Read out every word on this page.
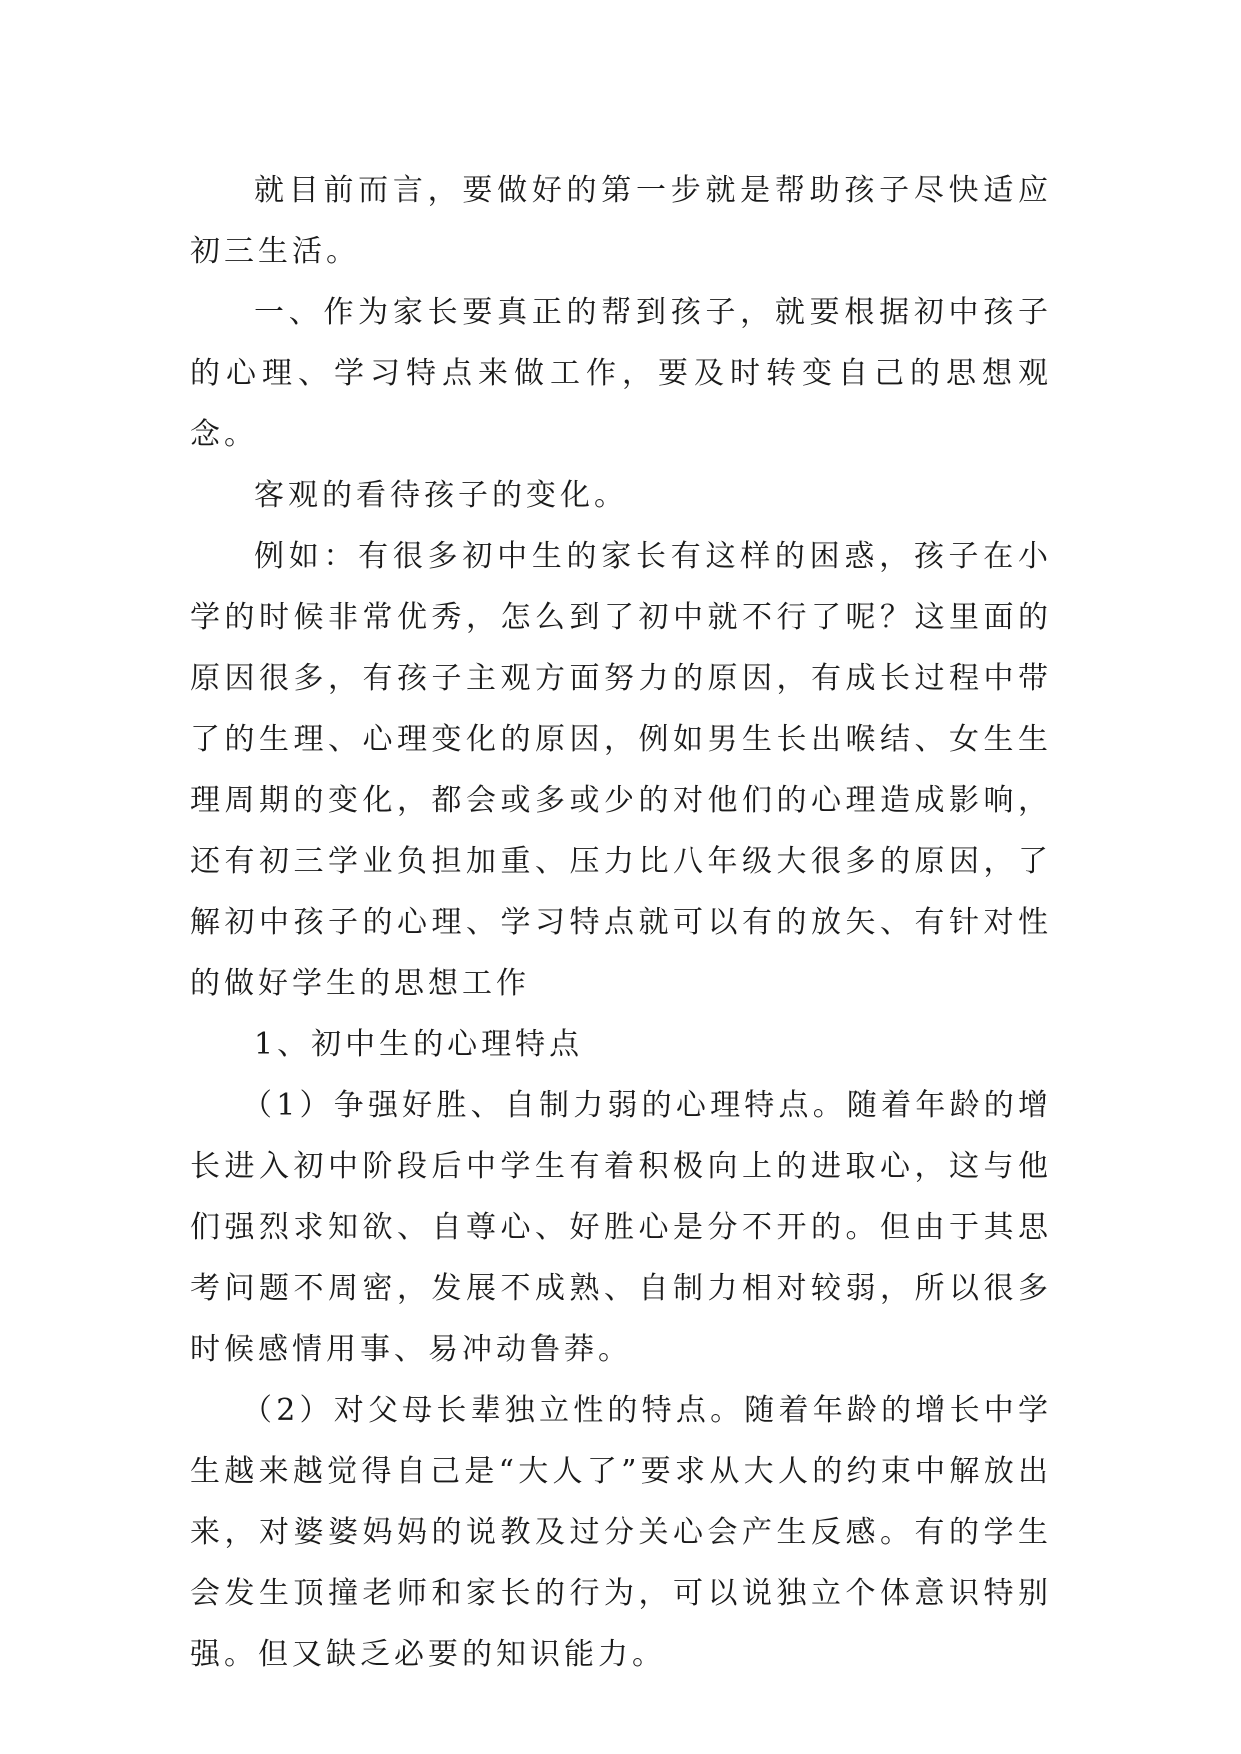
就目前而言，要做好的第一步就是帮助孩子尽快适应初三生活。

一、作为家长要真正的帮到孩子，就要根据初中孩子的心理、学习特点来做工作，要及时转变自己的思想观念。

客观的看待孩子的变化。

例如：有很多初中生的家长有这样的困惑，孩子在小学的时候非常优秀，怎么到了初中就不行了呢？这里面的原因很多，有孩子主观方面努力的原因，有成长过程中带了的生理、心理变化的原因，例如男生长出喉结、女生生理周期的变化，都会或多或少的对他们的心理造成影响，还有初三学业负担加重、压力比八年级大很多的原因，了解初中孩子的心理、学习特点就可以有的放矢、有针对性的做好学生的思想工作

1、初中生的心理特点

（1）争强好胜、自制力弱的心理特点。随着年龄的增长进入初中阶段后中学生有着积极向上的进取心，这与他们强烈求知欲、自尊心、好胜心是分不开的。但由于其思考问题不周密，发展不成熟、自制力相对较弱，所以很多时候感情用事、易冲动鲁莽。

（2）对父母长辈独立性的特点。随着年龄的增长中学生越来越觉得自己是“大人了”要求从大人的约束中解放出来，对婆婆妈妈的说教及过分关心会产生反感。有的学生会发生顶撞老师和家长的行为，可以说独立个体意识特别强。但又缺乏必要的知识能力。
